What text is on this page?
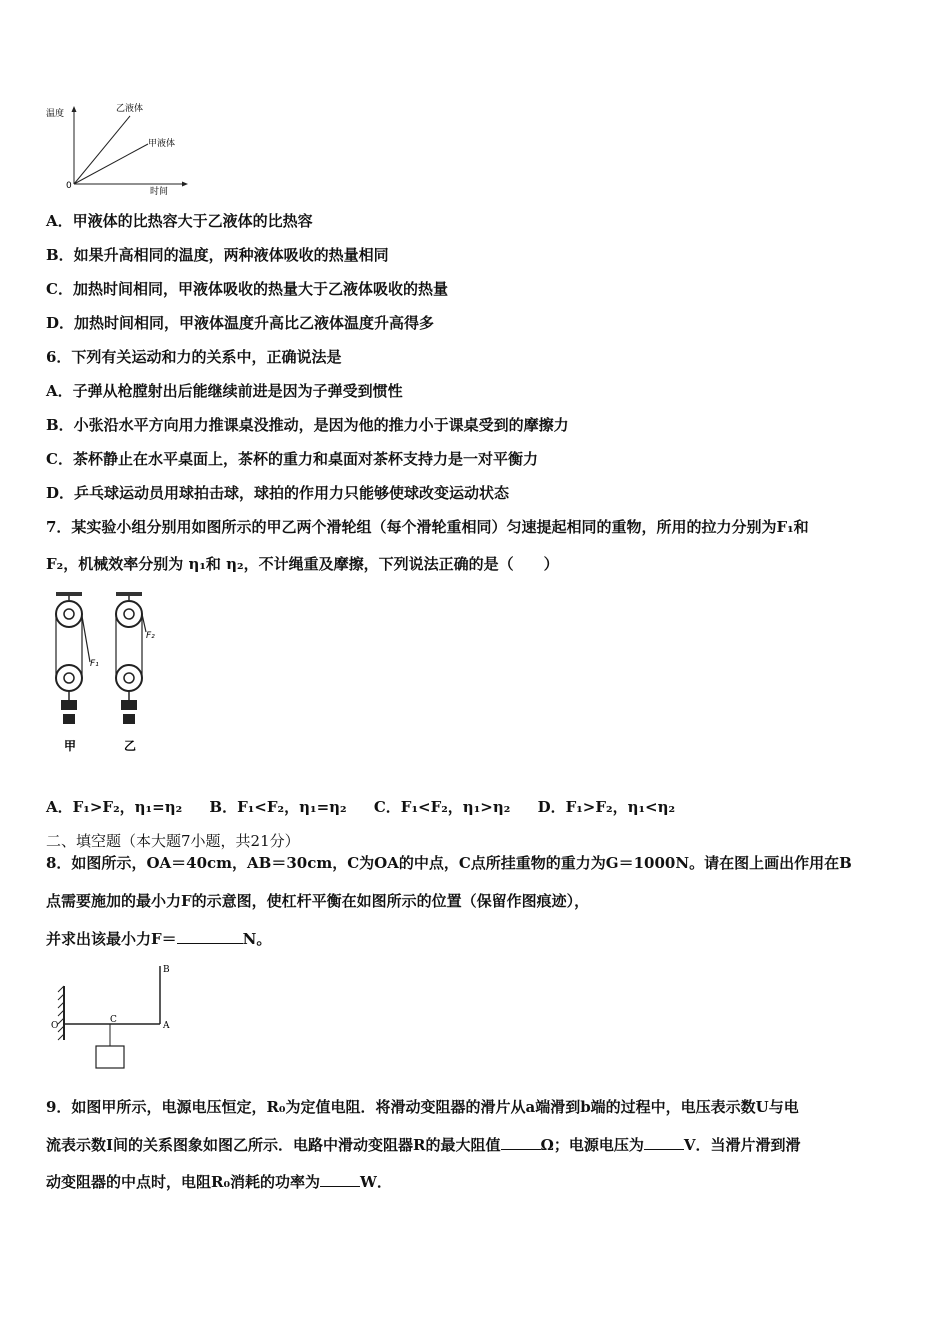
温度
时间
0
乙液体
甲液体
A．甲液体的比热容大于乙液体的比热容
B．如果升高相同的温度，两种液体吸收的热量相同
C．加热时间相同，甲液体吸收的热量大于乙液体吸收的热量
D．加热时间相同，甲液体温度升高比乙液体温度升高得多
6．下列有关运动和力的关系中，正确说法是
A．子弹从枪膛射出后能继续前进是因为子弹受到惯性
B．小张沿水平方向用力推课桌没推动，是因为他的推力小于课桌受到的摩擦力
C．茶杯静止在水平桌面上，茶杯的重力和桌面对茶杯支持力是一对平衡力
D．乒乓球运动员用球拍击球，球拍的作用力只能够使球改变运动状态
7．某实验小组分别用如图所示的甲乙两个滑轮组（每个滑轮重相同）匀速提起相同的重物，所用的拉力分别为F₁和
F₂，机械效率分别为 η₁和 η₂，不计绳重及摩擦，下列说法正确的是（　　）
F₁
甲
F₂
乙
A．F₁>F₂，η₁=η₂ B．F₁<F₂，η₁=η₂ C．F₁<F₂，η₁>η₂ D．F₁>F₂，η₁<η₂
二、填空题（本大题7小题，共21分）
8．如图所示，OA＝40cm，AB＝30cm，C为OA的中点，C点所挂重物的重力为G＝1000N。请在图上画出作用在B
点需要施加的最小力F的示意图，使杠杆平衡在如图所示的位置（保留作图痕迹），
并求出该最小力F＝	N。
O
C
A
B
9．如图甲所示，电源电压恒定，R₀为定值电阻．将滑动变阻器的滑片从a端滑到b端的过程中，电压表示数U与电
流表示数I间的关系图象如图乙所示．电路中滑动变阻器R的最大阻值	Ω；电源电压为	V．当滑片滑到滑
动变阻器的中点时，电阻R₀消耗的功率为	W．
